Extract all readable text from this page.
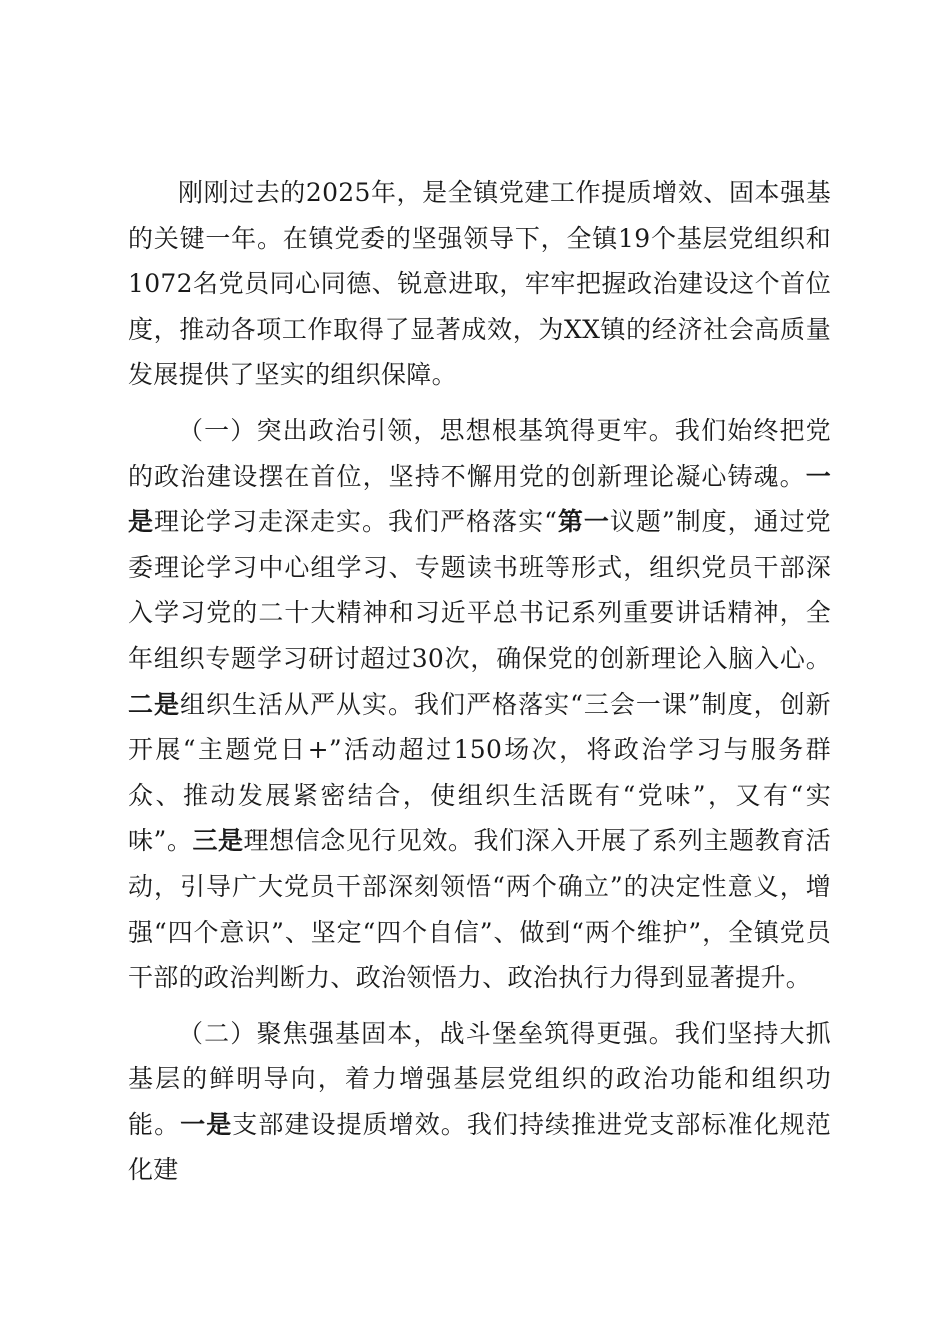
刚刚过去的2025年，是全镇党建工作提质增效、固本强基的关键一年。在镇党委的坚强领导下，全镇19个基层党组织和1072名党员同心同德、锐意进取，牢牢把握政治建设这个首位度，推动各项工作取得了显著成效，为XX镇的经济社会高质量发展提供了坚实的组织保障。

（一）突出政治引领，思想根基筑得更牢。我们始终把党的政治建设摆在首位，坚持不懈用党的创新理论凝心铸魂。一是理论学习走深走实。我们严格落实“第一议题”制度，通过党委理论学习中心组学习、专题读书班等形式，组织党员干部深入学习党的二十大精神和习近平总书记系列重要讲话精神，全年组织专题学习研讨超过30次，确保党的创新理论入脑入心。二是组织生活从严从实。我们严格落实“三会一课”制度，创新开展“主题党日+”活动超过150场次，将政治学习与服务群众、推动发展紧密结合，使组织生活既有“党味”，又有“实味”。三是理想信念见行见效。我们深入开展了系列主题教育活动，引导广大党员干部深刻领悟“两个确立”的决定性意义，增强“四个意识”、坚定“四个自信”、做到“两个维护”，全镇党员干部的政治判断力、政治领悟力、政治执行力得到显著提升。

（二）聚焦强基固本，战斗堡垒筑得更强。我们坚持大抓基层的鲜明导向，着力增强基层党组织的政治功能和组织功能。一是支部建设提质增效。我们持续推进党支部标准化规范化建
